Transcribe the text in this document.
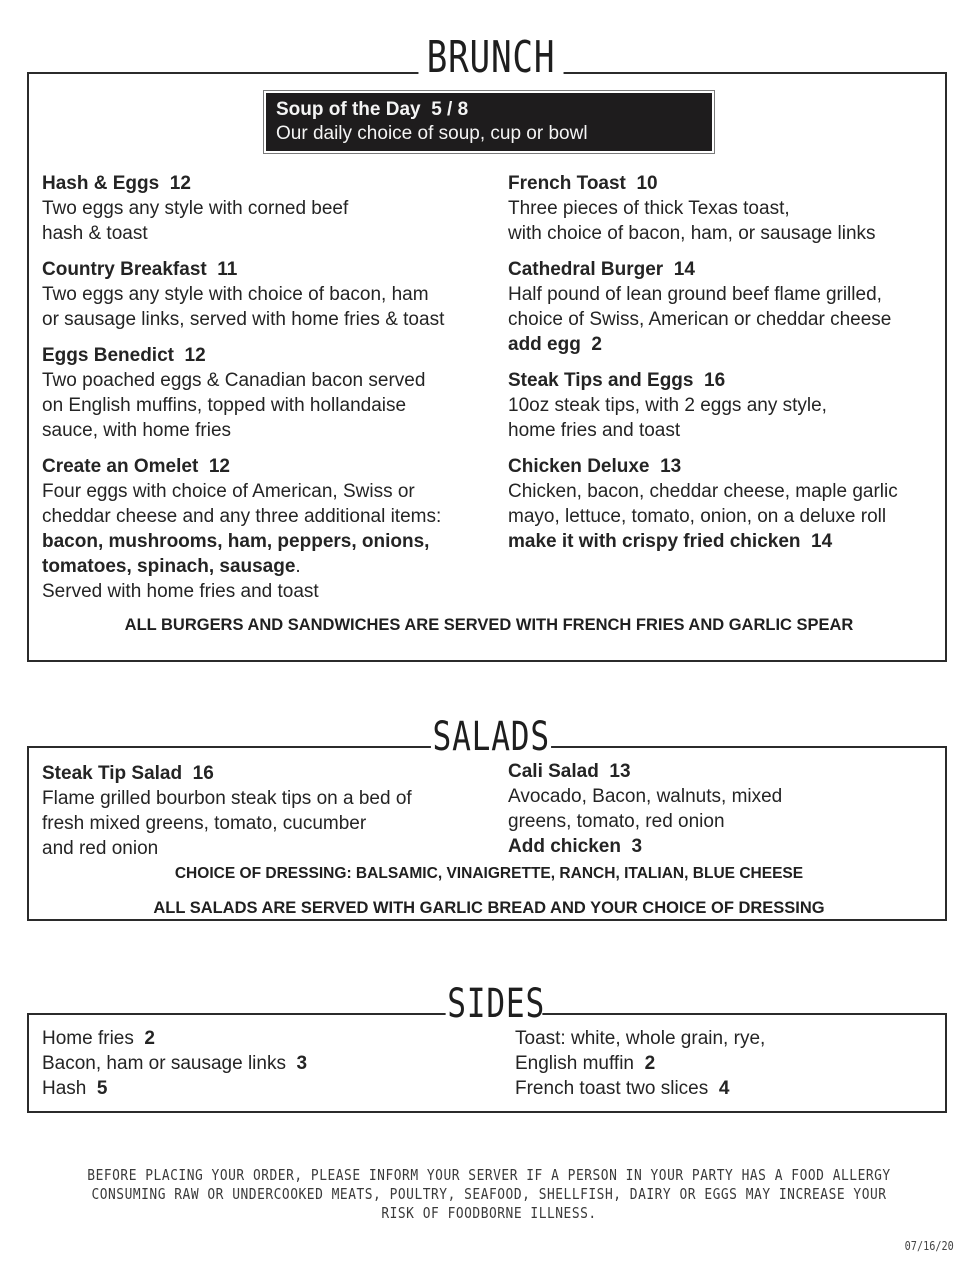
BRUNCH
Soup of the Day 5 / 8
Our daily choice of soup, cup or bowl
Hash & Eggs 12
Two eggs any style with corned beef
hash & toast
Country Breakfast 11
Two eggs any style with choice of bacon, ham
or sausage links, served with home fries & toast
Eggs Benedict 12
Two poached eggs & Canadian bacon served
on English muffins, topped with hollandaise
sauce, with home fries
Create an Omelet 12
Four eggs with choice of American, Swiss or
cheddar cheese and any three additional items:
bacon, mushrooms, ham, peppers, onions,
tomatoes, spinach, sausage.
Served with home fries and toast
French Toast 10
Three pieces of thick Texas toast,
with choice of bacon, ham, or sausage links
Cathedral Burger 14
Half pound of lean ground beef flame grilled,
choice of Swiss, American or cheddar cheese
add egg  2
Steak Tips and Eggs 16
10oz steak tips, with 2 eggs any style,
home fries and toast
Chicken Deluxe 13
Chicken, bacon, cheddar cheese, maple garlic
mayo, lettuce, tomato, onion, on a deluxe roll
make it with crispy fried chicken  14
ALL BURGERS AND SANDWICHES ARE SERVED WITH FRENCH FRIES AND GARLIC SPEAR
SALADS
Steak Tip Salad 16
Flame grilled bourbon steak tips on a bed of
fresh mixed greens, tomato, cucumber
and red onion
Cali Salad 13
Avocado, Bacon, walnuts, mixed
greens, tomato, red onion
Add chicken  3
CHOICE OF DRESSING: BALSAMIC, VINAIGRETTE, RANCH, ITALIAN, BLUE CHEESE
ALL SALADS ARE SERVED WITH GARLIC BREAD AND YOUR CHOICE OF DRESSING
SIDES
Home fries 2
Bacon, ham or sausage links 3
Hash 5
Toast: white, whole grain, rye,
English muffin 2
French toast two slices 4
BEFORE PLACING YOUR ORDER, PLEASE INFORM YOUR SERVER IF A PERSON IN YOUR PARTY HAS A FOOD ALLERGY
CONSUMING RAW OR UNDERCOOKED MEATS, POULTRY, SEAFOOD, SHELLFISH, DAIRY OR EGGS MAY INCREASE YOUR
RISK OF FOODBORNE ILLNESS.
07/16/20
